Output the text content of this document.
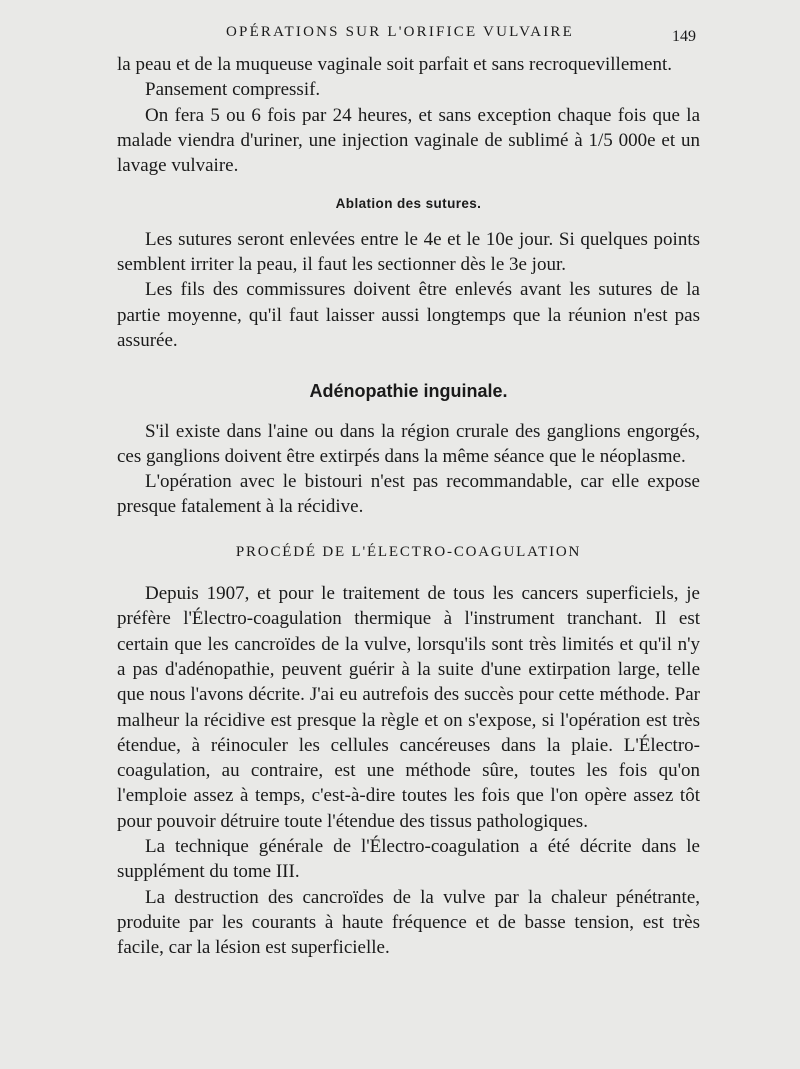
OPÉRATIONS SUR L'ORIFICE VULVAIRE	149

la peau et de la muqueuse vaginale soit parfait et sans recroquevillement.

Pansement compressif.

On fera 5 ou 6 fois par 24 heures, et sans exception chaque fois que la malade viendra d'uriner, une injection vaginale de sublimé à 1/5 000e et un lavage vulvaire.

Ablation des sutures.

Les sutures seront enlevées entre le 4e et le 10e jour. Si quelques points semblent irriter la peau, il faut les sectionner dès le 3e jour.

Les fils des commissures doivent être enlevés avant les sutures de la partie moyenne, qu'il faut laisser aussi longtemps que la réunion n'est pas assurée.

Adénopathie inguinale.

S'il existe dans l'aine ou dans la région crurale des ganglions engorgés, ces ganglions doivent être extirpés dans la même séance que le néoplasme.

L'opération avec le bistouri n'est pas recommandable, car elle expose presque fatalement à la récidive.

PROCÉDÉ DE L'ÉLECTRO-COAGULATION

Depuis 1907, et pour le traitement de tous les cancers superficiels, je préfère l'Électro-coagulation thermique à l'instrument tranchant. Il est certain que les cancroïdes de la vulve, lorsqu'ils sont très limités et qu'il n'y a pas d'adénopathie, peuvent guérir à la suite d'une extirpation large, telle que nous l'avons décrite. J'ai eu autrefois des succès pour cette méthode. Par malheur la récidive est presque la règle et on s'expose, si l'opération est très étendue, à réinoculer les cellules cancéreuses dans la plaie. L'Électro-coagulation, au contraire, est une méthode sûre, toutes les fois qu'on l'emploie assez à temps, c'est-à-dire toutes les fois que l'on opère assez tôt pour pouvoir détruire toute l'étendue des tissus pathologiques.

La technique générale de l'Électro-coagulation a été décrite dans le supplément du tome III.

La destruction des cancroïdes de la vulve par la chaleur pénétrante, produite par les courants à haute fréquence et de basse tension, est très facile, car la lésion est superficielle.
